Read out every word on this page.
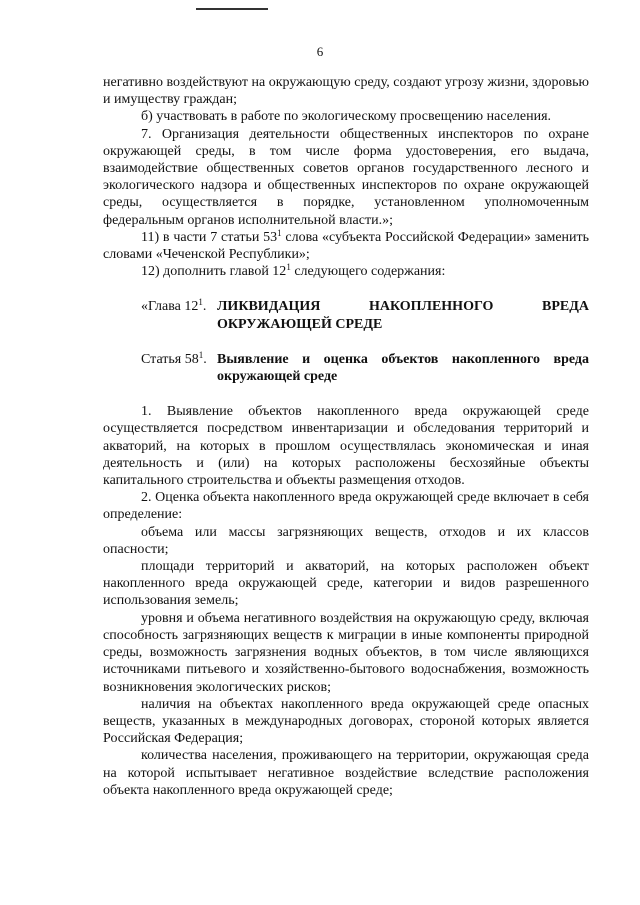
6

негативно воздействуют на окружающую среду, создают угрозу жизни, здоровью и имуществу граждан;

б) участвовать в работе по экологическому просвещению населения.

7. Организация деятельности общественных инспекторов по охране окружающей среды, в том числе форма удостоверения, его выдача, взаимодействие общественных советов органов государственного лесного и экологического надзора и общественных инспекторов по охране окружающей среды, осуществляется в порядке, установленном уполномоченным федеральным органов исполнительной власти.»;

11) в части 7 статьи $53^1$ слова «субъекта Российской Федерации» заменить словами «Чеченской Республики»;

12) дополнить главой $12^1$ следующего содержания:

«Глава $12^1$. ЛИКВИДАЦИЯ НАКОПЛЕННОГО ВРЕДА ОКРУЖАЮЩЕЙ СРЕДЕ
Статья $58^1$. Выявление и оценка объектов накопленного вреда окружающей среде

1. Выявление объектов накопленного вреда окружающей среде осуществляется посредством инвентаризации и обследования территорий и акваторий, на которых в прошлом осуществлялась экономическая и иная деятельность и (или) на которых расположены бесхозяйные объекты капитального строительства и объекты размещения отходов.

2. Оценка объекта накопленного вреда окружающей среде включает в себя определение:

объема или массы загрязняющих веществ, отходов и их классов опасности;

площади территорий и акваторий, на которых расположен объект накопленного вреда окружающей среде, категории и видов разрешенного использования земель;

уровня и объема негативного воздействия на окружающую среду, включая способность загрязняющих веществ к миграции в иные компоненты природной среды, возможность загрязнения водных объектов, в том числе являющихся источниками питьевого и хозяйственно-бытового водоснабжения, возможность возникновения экологических рисков;

наличия на объектах накопленного вреда окружающей среде опасных веществ, указанных в международных договорах, стороной которых является Российская Федерация;

количества населения, проживающего на территории, окружающая среда на которой испытывает негативное воздействие вследствие расположения объекта накопленного вреда окружающей среде;
